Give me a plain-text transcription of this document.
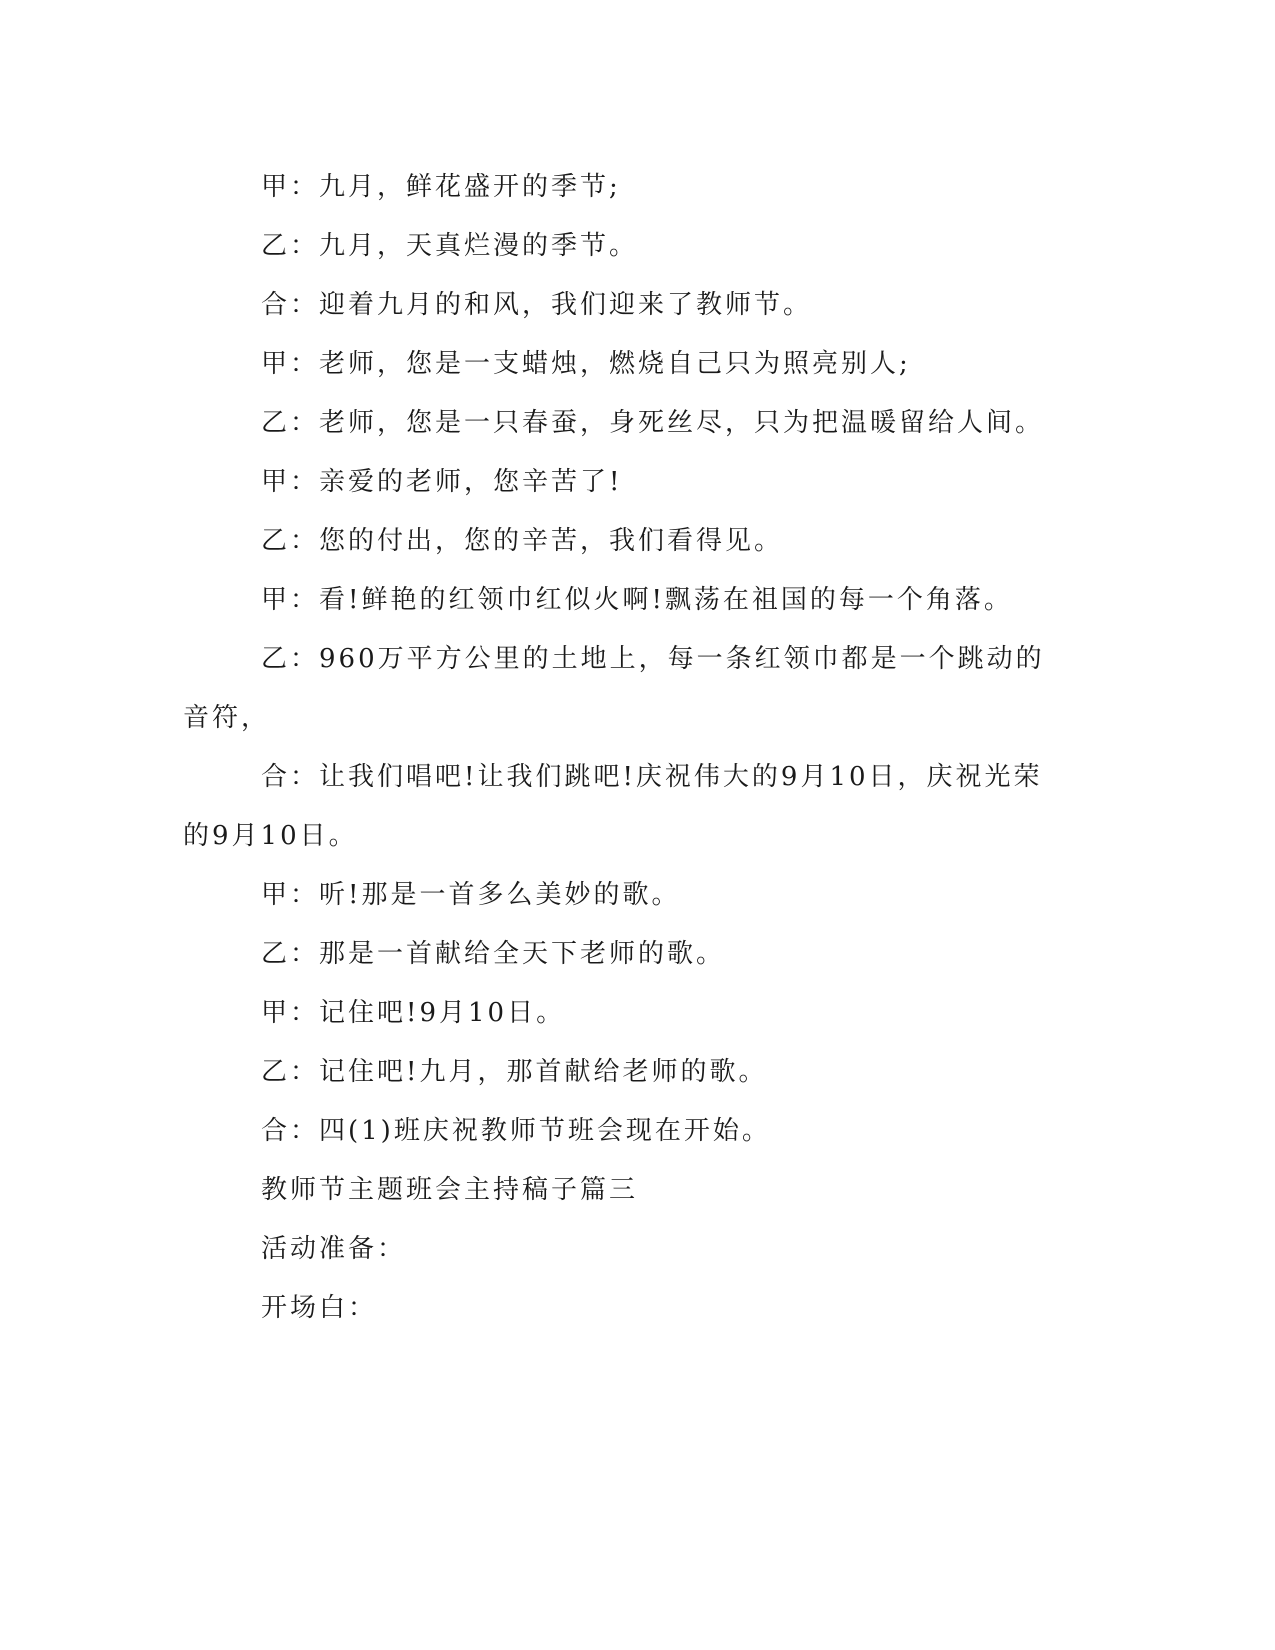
甲：九月，鲜花盛开的季节;

乙：九月，天真烂漫的季节。

合：迎着九月的和风，我们迎来了教师节。

甲：老师，您是一支蜡烛，燃烧自己只为照亮别人;

乙：老师，您是一只春蚕，身死丝尽，只为把温暖留给人间。

甲：亲爱的老师，您辛苦了!

乙：您的付出，您的辛苦，我们看得见。

甲：看!鲜艳的红领巾红似火啊!飘荡在祖国的每一个角落。

乙：960万平方公里的土地上，每一条红领巾都是一个跳动的音符，

合：让我们唱吧!让我们跳吧!庆祝伟大的9月10日，庆祝光荣的9月10日。

甲：听!那是一首多么美妙的歌。

乙：那是一首献给全天下老师的歌。

甲：记住吧!9月10日。

乙：记住吧!九月，那首献给老师的歌。

合：四(1)班庆祝教师节班会现在开始。

教师节主题班会主持稿子篇三

活动准备：

开场白：
